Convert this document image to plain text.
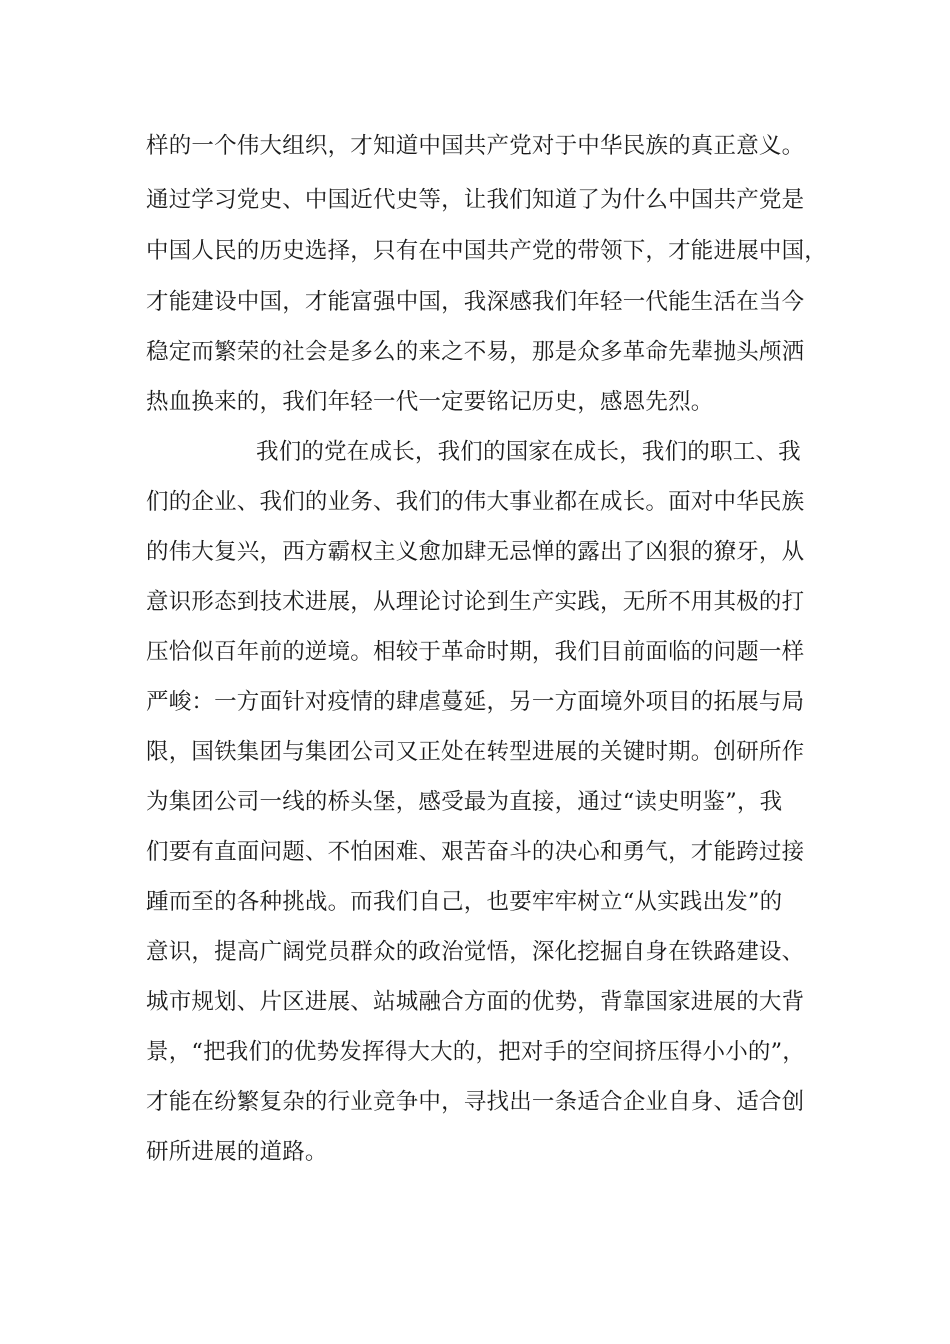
样的一个伟大组织，才知道中国共产党对于中华民族的真正意义。
通过学习党史、中国近代史等，让我们知道了为什么中国共产党是
中国人民的历史选择，只有在中国共产党的带领下，才能进展中国，
才能建设中国，才能富强中国，我深感我们年轻一代能生活在当今
稳定而繁荣的社会是多么的来之不易，那是众多革命先辈抛头颅洒
热血换来的，我们年轻一代一定要铭记历史，感恩先烈。
我们的党在成长，我们的国家在成长，我们的职工、我
们的企业、我们的业务、我们的伟大事业都在成长。面对中华民族
的伟大复兴，西方霸权主义愈加肆无忌惮的露出了凶狠的獠牙，从
意识形态到技术进展，从理论讨论到生产实践，无所不用其极的打
压恰似百年前的逆境。相较于革命时期，我们目前面临的问题一样
严峻：一方面针对疫情的肆虐蔓延，另一方面境外项目的拓展与局
限，国铁集团与集团公司又正处在转型进展的关键时期。创研所作
为集团公司一线的桥头堡，感受最为直接，通过“读史明鉴”，我
们要有直面问题、不怕困难、艰苦奋斗的决心和勇气，才能跨过接
踵而至的各种挑战。而我们自己，也要牢牢树立“从实践出发”的
意识，提高广阔党员群众的政治觉悟，深化挖掘自身在铁路建设、
城市规划、片区进展、站城融合方面的优势，背靠国家进展的大背
景，“把我们的优势发挥得大大的，把对手的空间挤压得小小的”，
才能在纷繁复杂的行业竞争中，寻找出一条适合企业自身、适合创
研所进展的道路。
